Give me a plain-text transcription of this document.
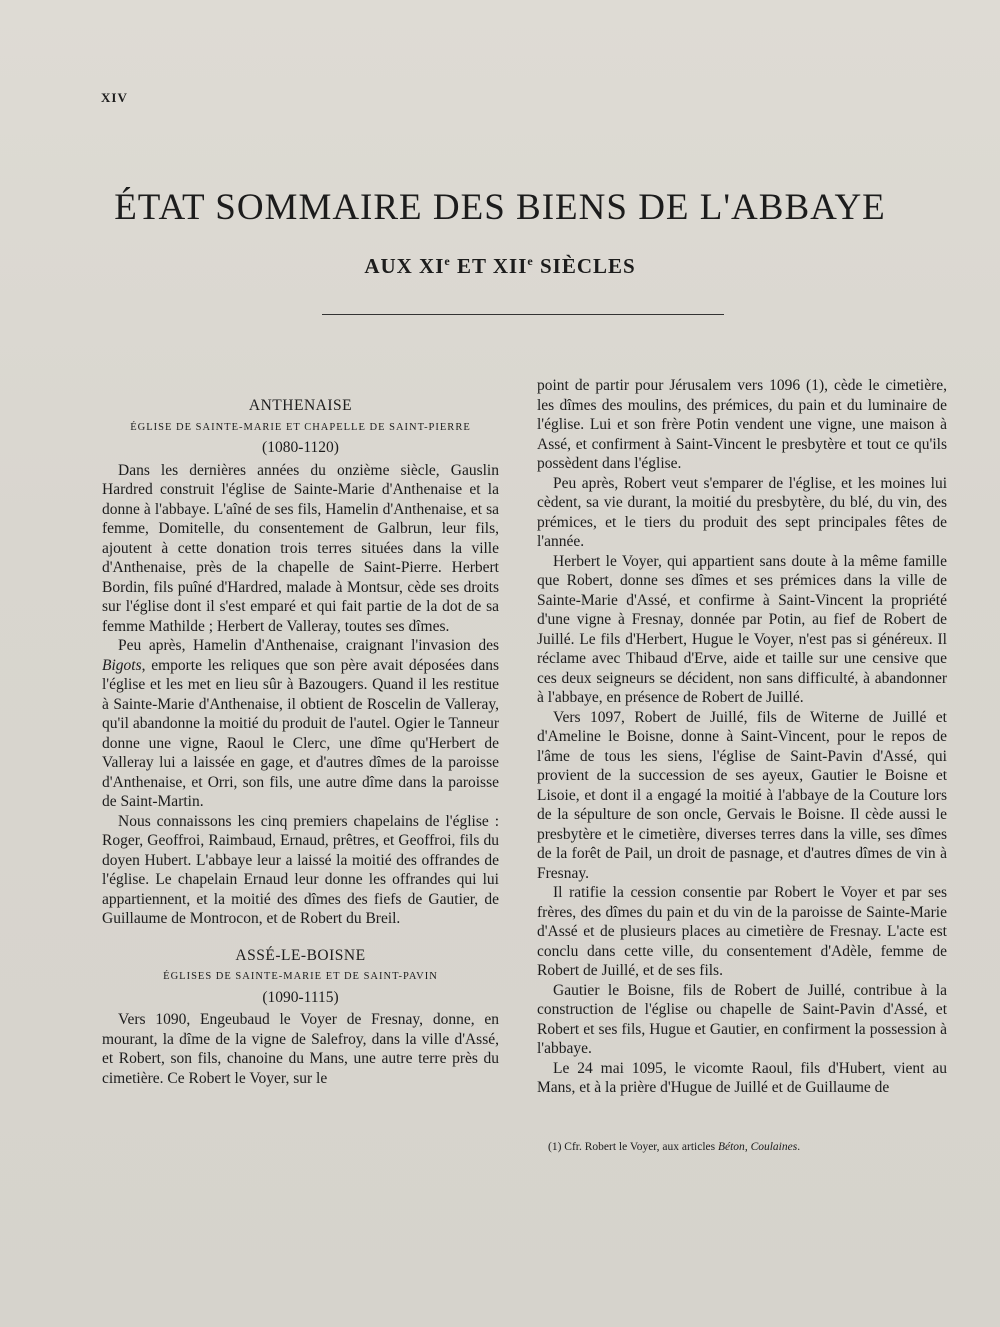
XIV
ÉTAT SOMMAIRE DES BIENS DE L'ABBAYE
AUX XIe ET XIIe SIÈCLES
ANTHENAISE
ÉGLISE DE SAINTE-MARIE ET CHAPELLE DE SAINT-PIERRE
(1080-1120)

Dans les dernières années du onzième siècle, Gauslin Hardred construit l'église de Sainte-Marie d'Anthenaise et la donne à l'abbaye. L'aîné de ses fils, Hamelin d'Anthenaise, et sa femme, Domitelle, du consentement de Galbrun, leur fils, ajoutent à cette donation trois terres situées dans la ville d'Anthenaise, près de la chapelle de Saint-Pierre. Herbert Bordin, fils puîné d'Hardred, malade à Montsur, cède ses droits sur l'église dont il s'est emparé et qui fait partie de la dot de sa femme Mathilde ; Herbert de Valleray, toutes ses dîmes.

Peu après, Hamelin d'Anthenaise, craignant l'invasion des Bigots, emporte les reliques que son père avait déposées dans l'église et les met en lieu sûr à Bazougers. Quand il les restitue à Sainte-Marie d'Anthenaise, il obtient de Roscelin de Valleray, qu'il abandonne la moitié du produit de l'autel. Ogier le Tanneur donne une vigne, Raoul le Clerc, une dîme qu'Herbert de Valleray lui a laissée en gage, et d'autres dîmes de la paroisse d'Anthenaise, et Orri, son fils, une autre dîme dans la paroisse de Saint-Martin.

Nous connaissons les cinq premiers chapelains de l'église : Roger, Geoffroi, Raimbaud, Ernaud, prêtres, et Geoffroi, fils du doyen Hubert. L'abbaye leur a laissé la moitié des offrandes de l'église. Le chapelain Ernaud leur donne les offrandes qui lui appartiennent, et la moitié des dîmes des fiefs de Gautier, de Guillaume de Montrocon, et de Robert du Breil.

ASSÉ-LE-BOISNE
ÉGLISES DE SAINTE-MARIE ET DE SAINT-PAVIN
(1090-1115)

Vers 1090, Engeubaud le Voyer de Fresnay, donne, en mourant, la dîme de la vigne de Salefroy, dans la ville d'Assé, et Robert, son fils, chanoine du Mans, une autre terre près du cimetière. Ce Robert le Voyer, sur le

point de partir pour Jérusalem vers 1096 (1), cède le cimetière, les dîmes des moulins, des prémices, du pain et du luminaire de l'église. Lui et son frère Potin vendent une vigne, une maison à Assé, et confirment à Saint-Vincent le presbytère et tout ce qu'ils possèdent dans l'église.

Peu après, Robert veut s'emparer de l'église, et les moines lui cèdent, sa vie durant, la moitié du presbytère, du blé, du vin, des prémices, et le tiers du produit des sept principales fêtes de l'année.

Herbert le Voyer, qui appartient sans doute à la même famille que Robert, donne ses dîmes et ses prémices dans la ville de Sainte-Marie d'Assé, et confirme à Saint-Vincent la propriété d'une vigne à Fresnay, donnée par Potin, au fief de Robert de Juillé. Le fils d'Herbert, Hugue le Voyer, n'est pas si généreux. Il réclame avec Thibaud d'Erve, aide et taille sur une censive que ces deux seigneurs se décident, non sans difficulté, à abandonner à l'abbaye, en présence de Robert de Juillé.

Vers 1097, Robert de Juillé, fils de Witerne de Juillé et d'Ameline le Boisne, donne à Saint-Vincent, pour le repos de l'âme de tous les siens, l'église de Saint-Pavin d'Assé, qui provient de la succession de ses ayeux, Gautier le Boisne et Lisoie, et dont il a engagé la moitié à l'abbaye de la Couture lors de la sépulture de son oncle, Gervais le Boisne. Il cède aussi le presbytère et le cimetière, diverses terres dans la ville, ses dîmes de la forêt de Pail, un droit de pasnage, et d'autres dîmes de vin à Fresnay.

Il ratifie la cession consentie par Robert le Voyer et par ses frères, des dîmes du pain et du vin de la paroisse de Sainte-Marie d'Assé et de plusieurs places au cimetière de Fresnay. L'acte est conclu dans cette ville, du consentement d'Adèle, femme de Robert de Juillé, et de ses fils.

Gautier le Boisne, fils de Robert de Juillé, contribue à la construction de l'église ou chapelle de Saint-Pavin d'Assé, et Robert et ses fils, Hugue et Gautier, en confirment la possession à l'abbaye.

Le 24 mai 1095, le vicomte Raoul, fils d'Hubert, vient au Mans, et à la prière d'Hugue de Juillé et de Guillaume de

(1) Cfr. Robert le Voyer, aux articles Béton, Coulaines.
